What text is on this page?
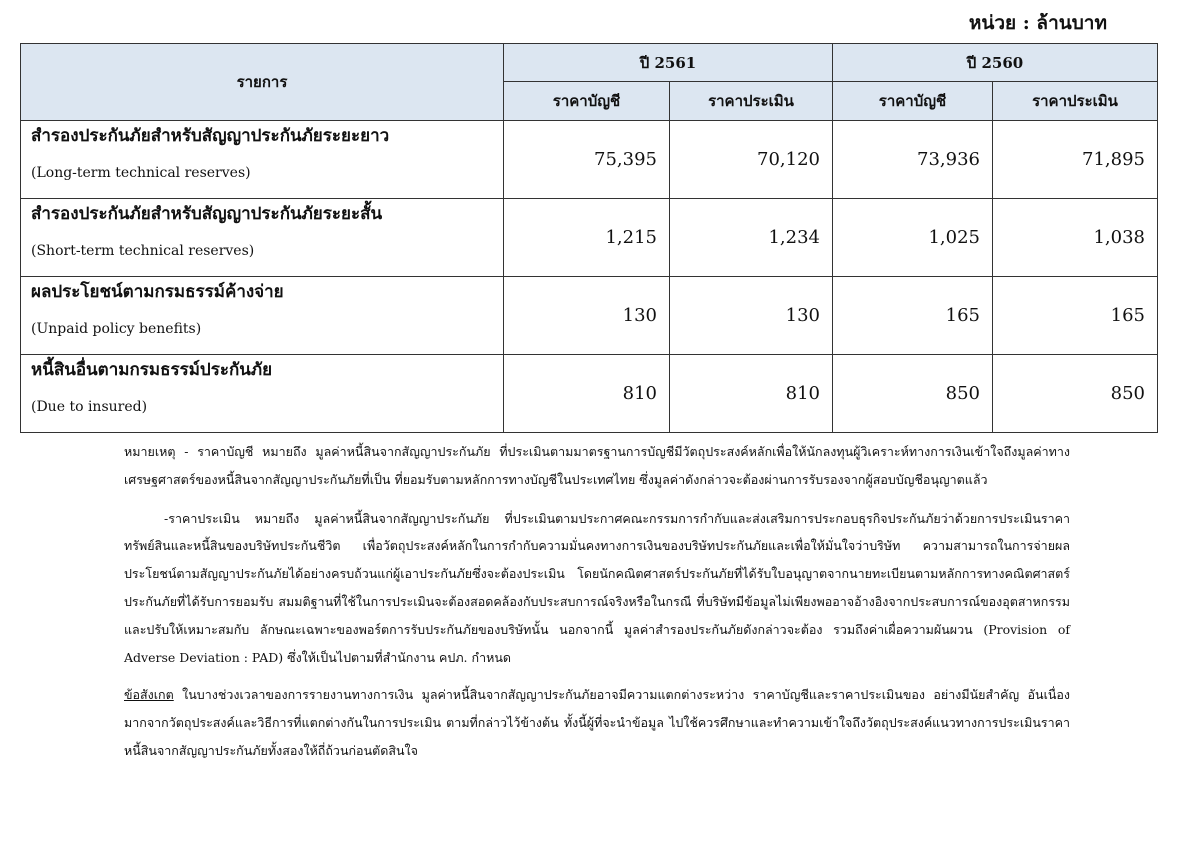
หน่วย : ล้านบาท
รายการ	ปี 2561		ปี 2560	
	ราคาบัญชี	ราคาประเมิน	ราคาบัญชี	ราคาประเมิน

สำรองประกันภัยสำหรับสัญญาประกันภัยระยะยาว
(Long-term technical reserves)	75,395	70,120	73,936	71,895

สำรองประกันภัยสำหรับสัญญาประกันภัยระยะสั้น
(Short-term technical reserves)	1,215	1,234	1,025	1,038

ผลประโยชน์ตามกรมธรรม์ค้างจ่าย
(Unpaid policy benefits)	130	130	165	165

หนี้สินอื่นตามกรมธรรม์ประกันภัย
(Due to insured)	810	810	850	850

หมายเหตุ - ราคาบัญชี หมายถึง มูลค่าหนี้สินจากสัญญาประกันภัย ที่ประเมินตามมาตรฐานการบัญชีมีวัตถุประสงค์หลักเพื่อให้นักลงทุนผู้วิเคราะห์ทางการเงินเข้าใจถึงมูลค่าทางเศรษฐศาสตร์ของหนี้สินจากสัญญาประกันภัยที่เป็น ที่ยอมรับตามหลักการทางบัญชีในประเทศไทย ซึ่งมูลค่าดังกล่าวจะต้องผ่านการรับรองจากผู้สอบบัญชีอนุญาตแล้ว

-ราคาประเมิน หมายถึง มูลค่าหนี้สินจากสัญญาประกันภัย ที่ประเมินตามประกาศคณะกรรมการกำกับและส่งเสริมการประกอบธุรกิจประกันภัยว่าด้วยการประเมินราคาทรัพย์สินและหนี้สินของบริษัทประกันชีวิต เพื่อวัตถุประสงค์หลักในการกำกับความมั่นคงทางการเงินของบริษัทประกันภัยและเพื่อให้มั่นใจว่าบริษัท ความสามารถในการจ่ายผลประโยชน์ตามสัญญาประกันภัยได้อย่างครบถ้วนแก่ผู้เอาประกันภัยซึ่งจะต้องประเมิน โดยนักคณิตศาสตร์ประกันภัยที่ได้รับใบอนุญาตจากนายทะเบียนตามหลักการทางคณิตศาสตร์ ประกันภัยที่ได้รับการยอมรับ สมมติฐานที่ใช้ในการประเมินจะต้องสอดคล้องกับประสบการณ์จริงหรือในกรณี ที่บริษัทมีข้อมูลไม่เพียงพออาจอ้างอิงจากประสบการณ์ของอุตสาหกรรมและปรับให้เหมาะสมกับ ลักษณะเฉพาะของพอร์ตการรับประกันภัยของบริษัทนั้น นอกจากนี้ มูลค่าสำรองประกันภัยดังกล่าวจะต้อง รวมถึงค่าเผื่อความผันผวน (Provision of Adverse Deviation : PAD) ซึ่งให้เป็นไปตามที่สำนักงาน คปภ. กำหนด

ข้อสังเกต ในบางช่วงเวลาของการรายงานทางการเงิน มูลค่าหนี้สินจากสัญญาประกันภัยอาจมีความแตกต่างระหว่าง ราคาบัญชีและราคาประเมินของ อย่างมีนัยสำคัญ อันเนื่องมากจากวัตถุประสงค์และวิธีการที่แตกต่างกันในการประเมิน ตามที่กล่าวไว้ข้างต้น ทั้งนี้ผู้ที่จะนำข้อมูล ไปใช้ควรศึกษาและทำความเข้าใจถึงวัตถุประสงค์แนวทางการประเมินราคา หนี้สินจากสัญญาประกันภัยทั้งสองให้ถี่ถ้วนก่อนตัดสินใจ
